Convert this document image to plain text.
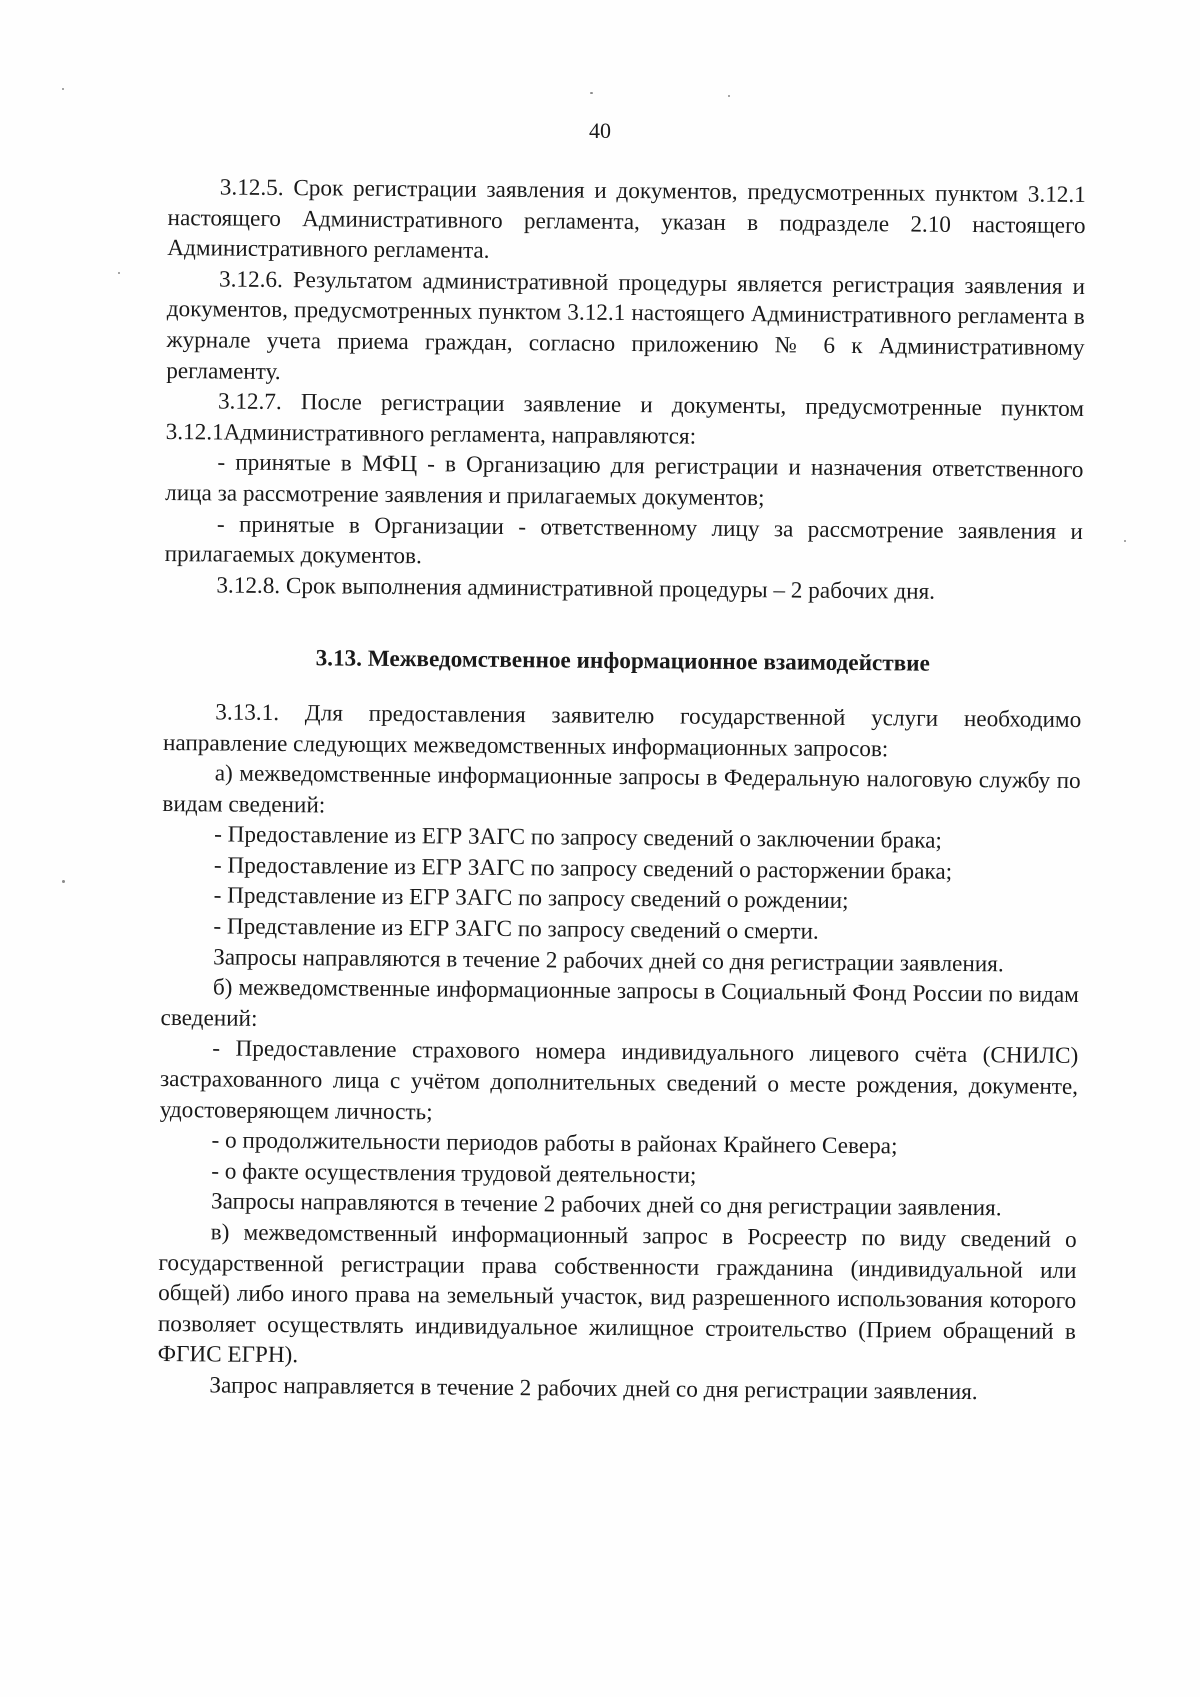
40

3.12.5. Срок регистрации заявления и документов, предусмотренных пунктом 3.12.1 настоящего Административного регламента, указан в подразделе 2.10 настоящего Административного регламента.

3.12.6. Результатом административной процедуры является регистрация заявления и документов, предусмотренных пунктом 3.12.1 настоящего Административного регламента в журнале учета приема граждан, согласно приложению № 6 к Административному регламенту.

3.12.7. После регистрации заявление и документы, предусмотренные пунктом 3.12.1Административного регламента, направляются:

- принятые в МФЦ - в Организацию для регистрации и назначения ответственного лица за рассмотрение заявления и прилагаемых документов;

- принятые в Организации - ответственному лицу за рассмотрение заявления и прилагаемых документов.

3.12.8. Срок выполнения административной процедуры – 2 рабочих дня.

3.13. Межведомственное информационное взаимодействие

3.13.1. Для предоставления заявителю государственной услуги необходимо направление следующих межведомственных информационных запросов:

а) межведомственные информационные запросы в Федеральную налоговую службу по видам сведений:

- Предоставление из ЕГР ЗАГС по запросу сведений о заключении брака;

- Предоставление из ЕГР ЗАГС по запросу сведений о расторжении брака;

- Представление из ЕГР ЗАГС по запросу сведений о рождении;

- Представление из ЕГР ЗАГС по запросу сведений о смерти.

Запросы направляются в течение 2 рабочих дней со дня регистрации заявления.

б) межведомственные информационные запросы в Социальный Фонд России по видам сведений:

- Предоставление страхового номера индивидуального лицевого счёта (СНИЛС) застрахованного лица с учётом дополнительных сведений о месте рождения, документе, удостоверяющем личность;

- о продолжительности периодов работы в районах Крайнего Севера;

- о факте осуществления трудовой деятельности;

Запросы направляются в течение 2 рабочих дней со дня регистрации заявления.

в) межведомственный информационный запрос в Росреестр по виду сведений о государственной регистрации права собственности гражданина (индивидуальной или общей) либо иного права на земельный участок, вид разрешенного использования которого позволяет осуществлять индивидуальное жилищное строительство (Прием обращений в ФГИС ЕГРН).

Запрос направляется в течение 2 рабочих дней со дня регистрации заявления.
